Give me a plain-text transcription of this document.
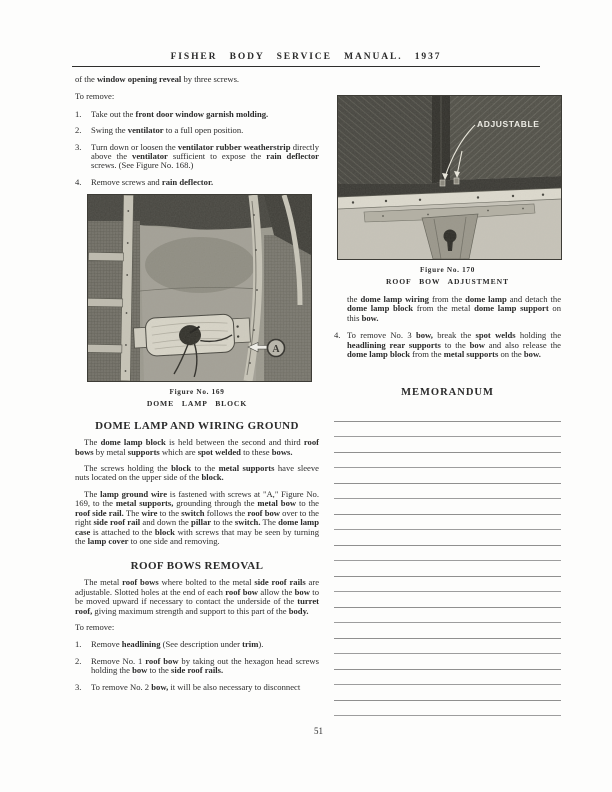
FISHER BODY SERVICE MANUAL. 1937

of the window opening reveal by three screws.

To remove:

1.	Take out the front door window garnish molding.
2.	Swing the ventilator to a full open position.
3.	Turn down or loosen the ventilator rubber weatherstrip directly above the ventilator sufficient to expose the rain deflector screws. (See Figure No. 168.)
4.	Remove screws and rain deflector.
A
Figure No. 169
DOME LAMP BLOCK
DOME LAMP AND WIRING GROUND

The dome lamp block is held between the second and third roof bows by metal supports which are spot welded to these bows.

The screws holding the block to the metal supports have sleeve nuts located on the upper side of the block.

The lamp ground wire is fastened with screws at "A," Figure No. 169, to the metal supports, grounding through the metal bow to the roof side rail. The wire to the switch follows the roof bow over to the right side roof rail and down the pillar to the switch. The dome lamp case is attached to the block with screws that may be seen by turning the lamp cover to one side and removing.

ROOF BOWS REMOVAL

The metal roof bows where bolted to the metal side roof rails are adjustable. Slotted holes at the end of each roof bow allow the bow to be moved upward if necessary to contact the underside of the turret roof, giving maximum strength and support to this part of the body.

To remove:

1.	Remove headlining (See description under trim).
2.	Remove No. 1 roof bow by taking out the hexagon head screws holding the bow to the side roof rails.
3.	To remove No. 2 bow, it will be also necessary to disconnect
ADJUSTABLE
Figure No. 170
ROOF BOW ADJUSTMENT

the dome lamp wiring from the dome lamp and detach the dome lamp block from the metal dome lamp support on this bow.

4. To remove No. 3 bow, break the spot welds holding the headlining rear supports to the bow and also release the dome lamp block from the metal supports on the bow.
MEMORANDUM
51
